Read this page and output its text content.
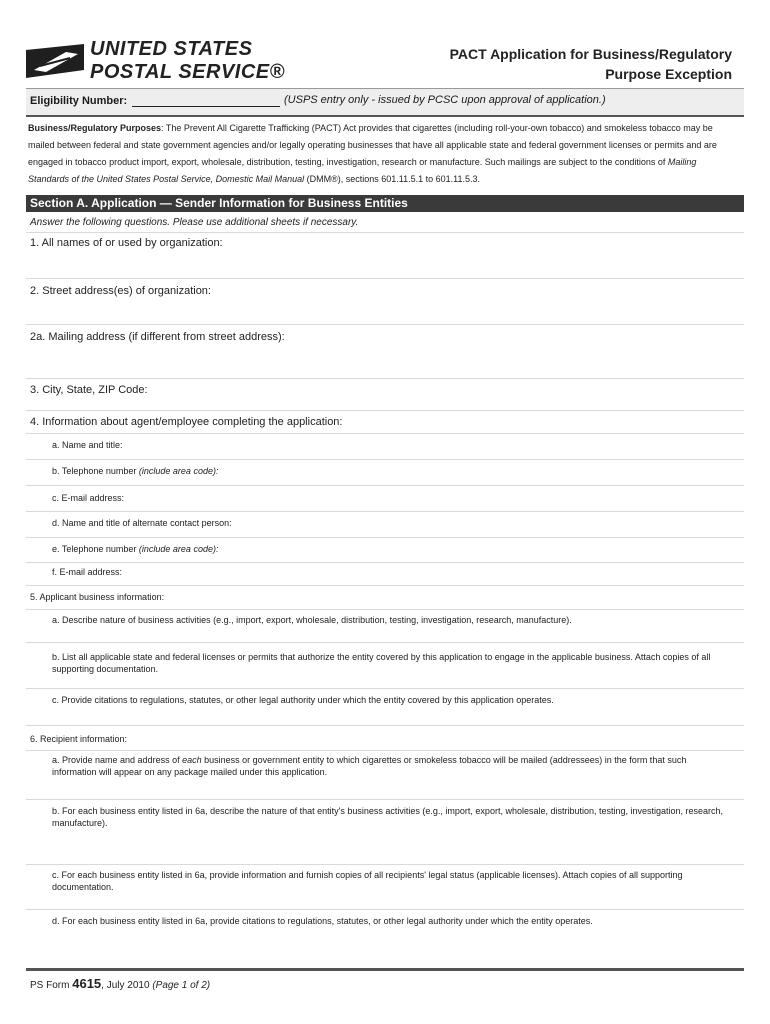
UNITED STATES
POSTAL SERVICE®
PACT Application for Business/Regulatory
Purpose Exception
Eligibility Number:	(USPS entry only - issued by PCSC upon approval of application.)
Business/Regulatory Purposes: The Prevent All Cigarette Trafficking (PACT) Act provides that cigarettes (including roll-your-own tobacco) and smokeless tobacco may be mailed between federal and state government agencies and/or legally operating businesses that have all applicable state and federal government licenses or permits and are engaged in tobacco product import, export, wholesale, distribution, testing, investigation, research or manufacture. Such mailings are subject to the conditions of Mailing Standards of the United States Postal Service, Domestic Mail Manual (DMM®), sections 601.11.5.1 to 601.11.5.3.
Section A. Application — Sender Information for Business Entities
Answer the following questions. Please use additional sheets if necessary.
1. All names of or used by organization:
2. Street address(es) of organization:
2a. Mailing address (if different from street address):
3. City, State, ZIP Code:
4. Information about agent/employee completing the application:
a. Name and title:
b. Telephone number (include area code):
c. E-mail address:
d. Name and title of alternate contact person:
e. Telephone number (include area code):
f. E-mail address:
5. Applicant business information:
a. Describe nature of business activities (e.g., import, export, wholesale, distribution, testing, investigation, research, manufacture).
b. List all applicable state and federal licenses or permits that authorize the entity covered by this application to engage in the applicable business. Attach copies of all supporting documentation.
c. Provide citations to regulations, statutes, or other legal authority under which the entity covered by this application operates.
6. Recipient information:
a. Provide name and address of each business or government entity to which cigarettes or smokeless tobacco will be mailed (addressees) in the form that such information will appear on any package mailed under this application.
b. For each business entity listed in 6a, describe the nature of that entity's business activities (e.g., import, export, wholesale, distribution, testing, investigation, research, manufacture).
c. For each business entity listed in 6a, provide information and furnish copies of all recipients' legal status (applicable licenses). Attach copies of all supporting documentation.
d. For each business entity listed in 6a, provide citations to regulations, statutes, or other legal authority under which the entity operates.
PS Form 4615, July 2010 (Page 1 of 2)
